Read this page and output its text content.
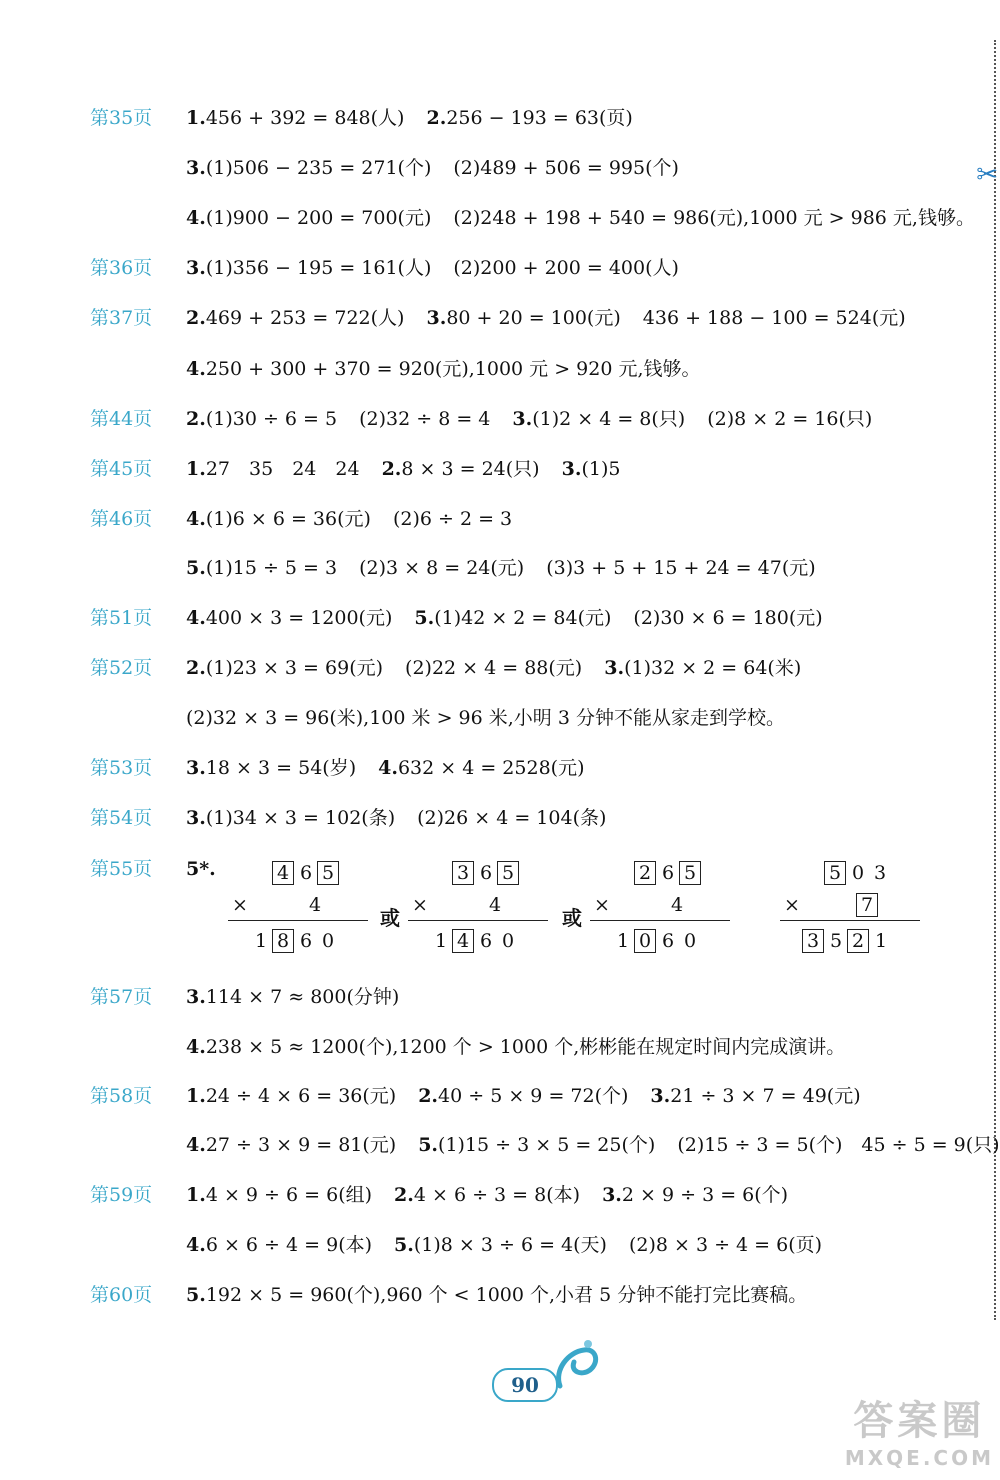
✂
第35页 1.456 + 392 = 848(人) 2.256 − 193 = 63(页)
3.(1)506 − 235 = 271(个) (2)489 + 506 = 995(个)
4.(1)900 − 200 = 700(元) (2)248 + 198 + 540 = 986(元),1000 元 > 986 元,钱够。
第36页 3.(1)356 − 195 = 161(人) (2)200 + 200 = 400(人)
第37页 2.469 + 253 = 722(人) 3.80 + 20 = 100(元) 436 + 188 − 100 = 524(元)
4.250 + 300 + 370 = 920(元),1000 元 > 920 元,钱够。
第44页 2.(1)30 ÷ 6 = 5 (2)32 ÷ 8 = 4 3.(1)2 × 4 = 8(只) (2)8 × 2 = 16(只)
第45页 1.27　35　24　24 2.8 × 3 = 24(只) 3.(1)5
第46页 4.(1)6 × 6 = 36(元) (2)6 ÷ 2 = 3
5.(1)15 ÷ 5 = 3 (2)3 × 8 = 24(元) (3)3 + 5 + 15 + 24 = 47(元)
第51页 4.400 × 3 = 1200(元) 5.(1)42 × 2 = 84(元) (2)30 × 6 = 180(元)
第52页 2.(1)23 × 3 = 69(元) (2)22 × 4 = 88(元) 3.(1)32 × 2 = 64(米)
(2)32 × 3 = 96(米),100 米 > 96 米,小明 3 分钟不能从家走到学校。
第53页 3.18 × 3 = 54(岁) 4.632 × 4 = 2528(元)
第54页 3.(1)34 × 3 = 102(条) (2)26 × 4 = 104(条)
第55页 5*.
第57页 3.114 × 7 ≈ 800(分钟)
4.238 × 5 ≈ 1200(个),1200 个 > 1000 个,彬彬能在规定时间内完成演讲。
第58页 1.24 ÷ 4 × 6 = 36(元) 2.40 ÷ 5 × 9 = 72(个) 3.21 ÷ 3 × 7 = 49(元)
4.27 ÷ 3 × 9 = 81(元) 5.(1)15 ÷ 3 × 5 = 25(个) (2)15 ÷ 3 = 5(个)　45 ÷ 5 = 9(只)
第59页 1.4 × 9 ÷ 6 = 6(组) 2.4 × 6 ÷ 3 = 8(本) 3.2 × 9 ÷ 3 = 6(个)
4.6 × 6 ÷ 4 = 9(本) 5.(1)8 × 3 ÷ 6 = 4(天) (2)8 × 3 ÷ 4 = 6(页)
第60页 5.192 × 5 = 960(个),960 个 < 1000 个,小君 5 分钟不能打完比赛稿。
4 6 5
×	4
1 8 6 0
3 6 5
×	4
1 4 6 0
2 6 5
×	4
1 0 6 0
5 0 3
×	7
3 5 2 1
或	或
90
答案圈
MXQE.COM
